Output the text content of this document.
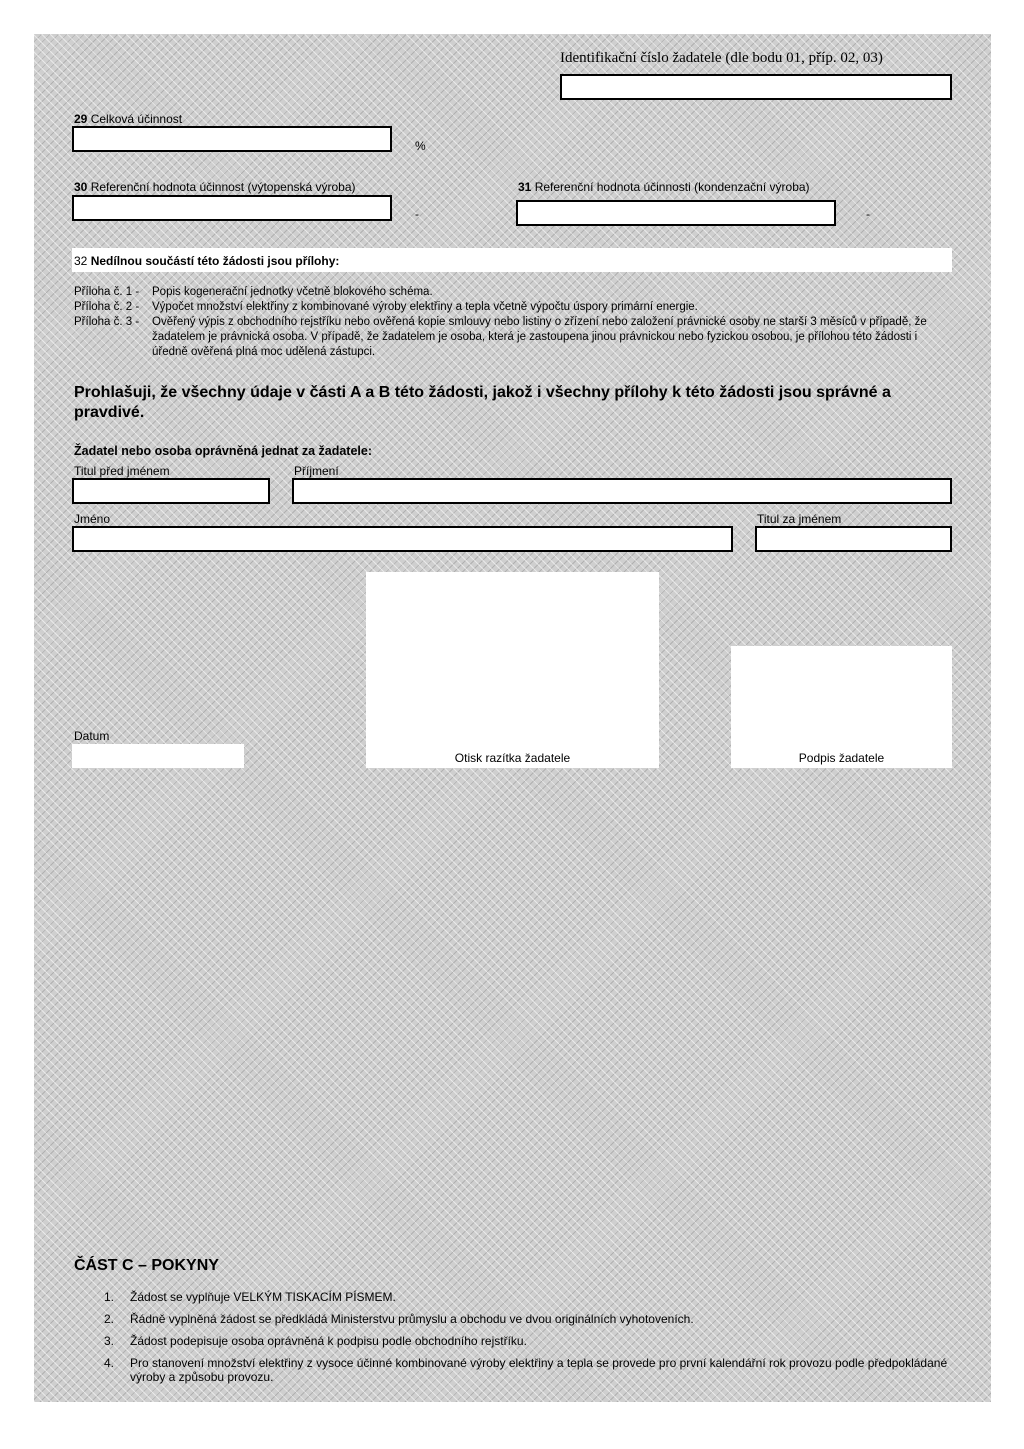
Identifikační číslo žadatele (dle bodu 01, příp. 02, 03)
29 Celková účinnost
%
30 Referenční hodnota účinnost (výtopenská výroba)
-
31 Referenční hodnota účinnosti (kondenzační výroba)
-
32 Nedílnou součástí této žádosti jsou přílohy:
Příloha č. 1 -	Popis kogenerační jednotky včetně blokového schéma.
Příloha č. 2 -	Výpočet množství elektřiny z kombinované výroby elektřiny a tepla včetně výpočtu úspory primární energie.
Příloha č. 3 -	Ověřený výpis z obchodního rejstříku nebo ověřená kopie smlouvy nebo listiny o zřízení nebo založení právnické osoby ne starší 3 měsíců v případě, že žadatelem je právnická osoba. V případě, že žadatelem je osoba, která je zastoupena jinou právnickou nebo fyzickou osobou, je přílohou této žádosti i úředně ověřená plná moc udělená zástupci.
Prohlašuji, že všechny údaje v části A a B této žádosti, jakož i všechny přílohy k této žádosti jsou správné a pravdivé.
Žadatel nebo osoba oprávněná jednat za žadatele:
Titul před jménem	Příjmení
Jméno	Titul za jménem
Otisk razítka žadatele	Podpis žadatele
Datum
ČÁST C – POKYNY
1.	Žádost se vyplňuje VELKÝM TISKACÍM PÍSMEM.
2.	Řádně vyplněná žádost se předkládá Ministerstvu průmyslu a obchodu ve dvou originálních vyhotoveních.
3.	Žádost podepisuje osoba oprávněná k podpisu podle obchodního rejstříku.
4.	Pro stanovení množství elektřiny z vysoce účinné kombinované výroby elektřiny a tepla se provede pro první kalendářní rok provozu podle předpokládané výroby a způsobu provozu.
